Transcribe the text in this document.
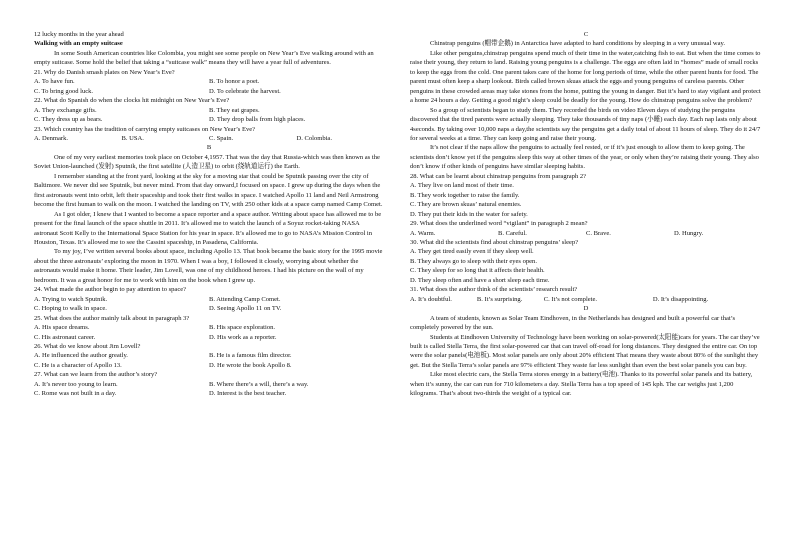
12 lucky months in the year ahead

Walking with an empty suitcase

In some South American countries like Colombia, you might see some people on New Year’s Eve walking around with an empty suitcase. Some hold the belief that taking a “suitcase walk” means they will have a year full of adventures.

21. Why do Danish smash plates on New Year’s Eve?

A. To have fun.	B. To honor a poet.
C. To bring good luck.	D. To celebrate the harvest.

22. What do Spanish do when the clocks hit midnight on New Year’s Eve?

A. They exchange gifts.	B. They eat grapes.
C. They dress up as bears.	D. They drop balls from high places.

23. Which country has the tradition of carrying empty suitcases on New Year’s Eve?

A. Denmark.	B. USA.	C. Spain.	D. Colombia.

B

One of my very earliest memories took place on October 4,1957. That was the day that Russia-which was then known as the Soviet Union-launched (发射) Sputnik, the first satellite (人造卫星) to orbit (绕轨道运行) the Earth.

I remember standing at the front yard, looking at the sky for a moving star that could be Sputnik passing over the city of Baltimore. We never did see Sputnik, but never mind. From that day onward,I focused on space. I grew up during the days when the first astronauts went into orbit, left their spaceship and took their first walks in space. I watched Apollo 11 land and Neil Armstrong become the first human to walk on the moon. I watched the landing on TV, with 250 other kids at a space camp named Camp Comet.

As I got older, I knew that I wanted to become a space reporter and a space author. Writing about space has allowed me to be present for the final launch of the space shuttle in 2011. It’s allowed me to watch the launch of a Soyuz rocket-taking NASA astronaut Scott Kelly to the International Space Station for his year in space. It’s allowed me to go to NASA’s Mission Control in Houston, Texas. It’s allowed me to see the Cassini spaceship, in Pasadena, California.

To my joy, I’ve written several books about space, including Apollo 13. That book became the basic story for the 1995 movie about the three astronauts’ exploring the moon in 1970. When I was a boy, I followed it closely, worrying about whether the astronauts would make it home. Their leader, Jim Lovell, was one of my childhood heroes. I had his picture on the wall of my bedroom. It was a great honor for me to work with him on the book when I grew up.

24. What made the author begin to pay attention to space?

A. Trying to watch Sputnik.	B. Attending Camp Comet.
C. Hoping to walk in space.	D. Seeing Apollo 11 on TV.

25. What does the author mainly talk about in paragraph 3?

A. His space dreams.	B. His space exploration.
C. His astronaut career.	D. His work as a reporter.

26. What do we know about Jim Lovell?

A. He influenced the author greatly.	B. He is a famous film director.
C. He is a character of Apollo 13.	D. He wrote the book Apollo 8.

27. What can we learn from the author’s story?

A. It’s never too young to learn.	B. Where there’s a will, there’s a way.
C. Rome was not built in a day.	D. Interest is the best teacher.

C

Chinstrap penguins (帽带企鹅) in Antarctica have adapted to hard conditions by sleeping in a very unusual way.

Like other penguins,chinstrap penguins spend much of their time in the water,catching fish to eat. But when the time comes to raise their young, they return to land. Raising young penguins is a challenge. The eggs are often laid in “homes” made of small rocks to keep the eggs from the cold. One parent takes care of the home for long periods of time, while the other parent hunts for food. The parent must often keep a sharp lookout. Birds called brown skuas attack the eggs and young penguins of careless parents. Other penguins in these crowded areas may take stones from the home, putting the young in danger. But it’s hard to stay vigilant and protect a home 24 hours a day. Getting a good night’s sleep could be deadly for the young. How do chinstrap penguins solve the problem?

So a group of scientists began to study them. They recorded the birds on video Eleven days of studying the penguins discovered that the tired parents were actually sleeping. They take thousands of tiny naps (小睡) each day. Each nap lasts only about 4seconds. By taking over 10,000 naps a day,the scientists say the penguins get a daily total of about 11 hours of sleep. They do it 24/7 for several weeks at a time. They can keep going and raise their young.

It’s not clear if the naps allow the penguins to actually feel rested, or if it’s just enough to allow them to keep going. The scientists don’t know yet if the penguins sleep this way at other times of the year, or only when they’re raising their young. They also don’t know if other kinds of penguins have similar sleeping habits.

28. What can be learnt about chinstrap penguins from paragraph 2?

A. They live on land most of their time.

B. They work together to raise the family.

C. They are brown skuas’ natural enemies.

D. They put their kids in the water for safety.

29. What does the underlined word “vigilant” in paragraph 2 mean?

A. Warm.	B. Careful.	C. Brave.	D. Hungry.

30. What did the scientists find about chinstrap penguins’ sleep?

A. They get tired easily even if they sleep well.

B. They always go to sleep with their eyes open.

C. They sleep for so long that it affects their health.

D. They sleep often and have a short sleep each time.

31. What does the author think of the scientists’ research result?

A. It’s doubtful.	B. It’s surprising.	C. It’s not complete.	D. It’s disappointing.

D

A team of students, known as Solar Team Eindhoven, in the Netherlands has designed and built a powerful car that’s completely powered by the sun.

Students at Eindhoven University of Technology have been working on solar-powered(太阳能)cars for years. The car they’ve built is called Stella Terra, the first solar-powered car that can travel off-road for long distances. They designed the entire car. On top were the solar panels(电池板). Most solar panels are only about 20% efficient That means they waste about 80% of the sunlight they get. But the Stella Terra’s solar panels are 97% efficient They waste far less sunlight than even the best solar panels you can buy.

Like most electric cars, the Stella Terra stores energy in a battery(电池). Thanks to its powerful solar panels and its battery, when it’s sunny, the car can run for 710 kilometers a day. Stella Terra has a top speed of 145 kph. The car weighs just 1,200 kilograms. That’s about two-thirds the weight of a typical car.
